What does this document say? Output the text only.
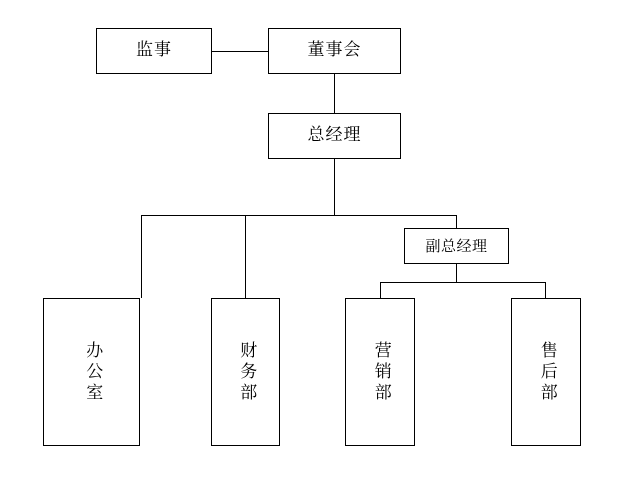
监事	董事会
总经理
副总经理
办公室	财务部	营销部	售后部
